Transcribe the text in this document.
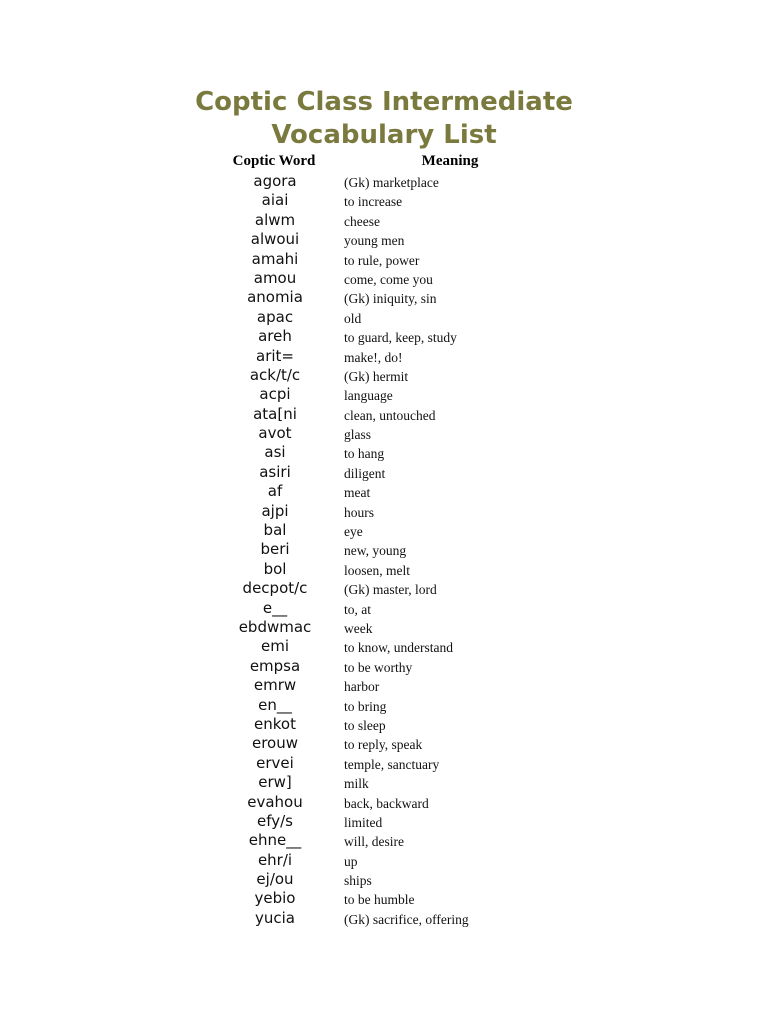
Coptic Class Intermediate
Vocabulary List
Coptic Word	Meaning
agora	(Gk) marketplace
aiai	to increase
alwm	cheese
alwoui	young men
amahi	to rule, power
amou	come, come you
anomia	(Gk) iniquity, sin
apac	old
areh	to guard, keep, study
arit=	make!, do!
ack/t/c	(Gk) hermit
acpi	language
ata[ni	clean, untouched
avot	glass
asi	to hang
asiri	diligent
af	meat
ajpi	hours
bal	eye
beri	new, young
bol	loosen, melt
decpot/c	(Gk) master, lord
e__	to, at
ebdwmac	week
emi	to know, understand
empsa	to be worthy
emrw	harbor
en__	to bring
enkot	to sleep
erouw	to reply, speak
ervei	temple, sanctuary
erw]	milk
evahou	back, backward
efy/s	limited
ehne__	will, desire
ehr/i	up
ej/ou	ships
yebio	to be humble
yucia	(Gk) sacrifice, offering
